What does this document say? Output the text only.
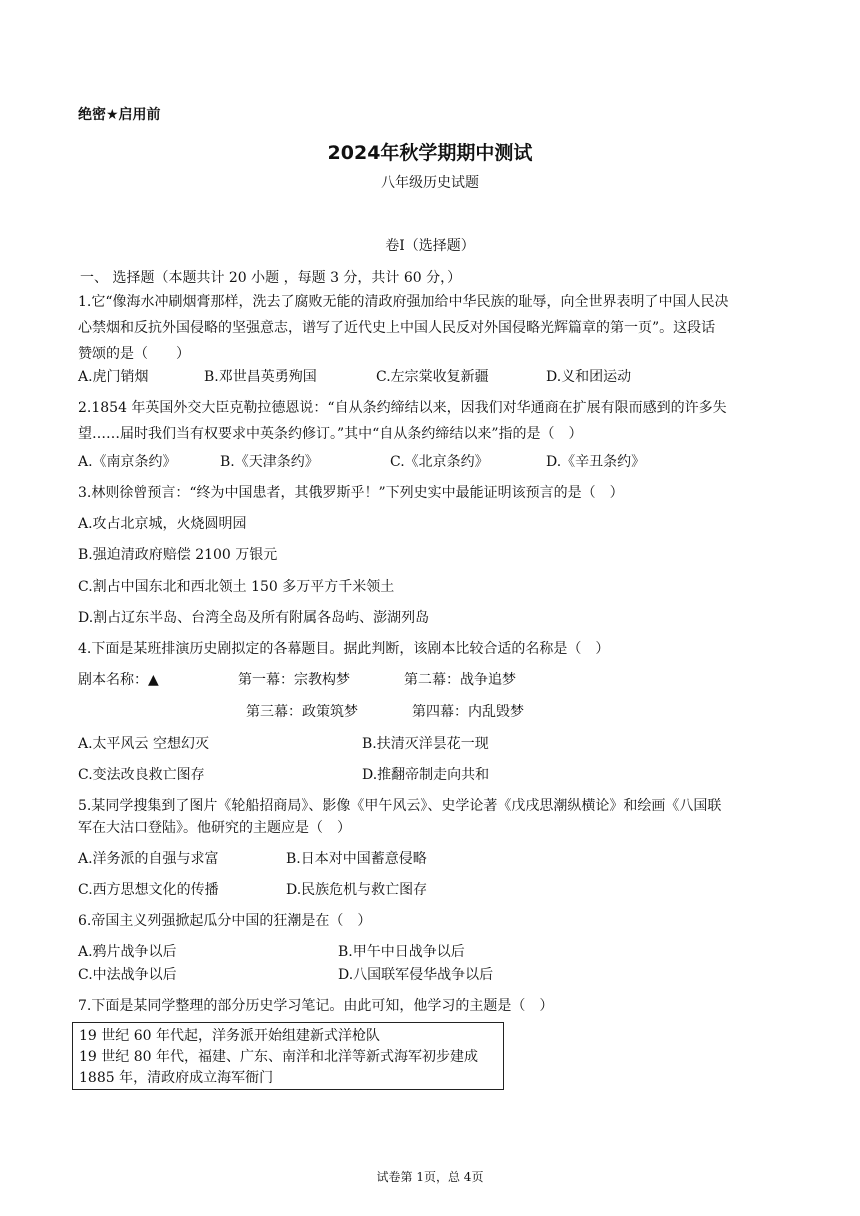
绝密★启用前
2024年秋学期期中测试
八年级历史试题
卷I（选择题）
一、 选择题（本题共计 20 小题 ，每题 3 分，共计 60 分，）
1.它“像海水冲刷烟膏那样，洗去了腐败无能的清政府强加给中华民族的耻辱，向全世界表明了中国人民决
心禁烟和反抗外国侵略的坚强意志，谱写了近代史上中国人民反对外国侵略光辉篇章的第一页”。这段话
赞颂的是（　　）
A.虎门销烟	B.邓世昌英勇殉国	C.左宗棠收复新疆	D.义和团运动
2.1854 年英国外交大臣克勒拉德恩说：“自从条约缔结以来，因我们对华通商在扩展有限而感到的许多失
望……届时我们当有权要求中英条约修订。”其中“自从条约缔结以来”指的是（　）
A.《南京条约》	B.《天津条约》	C.《北京条约》	D.《辛丑条约》
3.林则徐曾预言：“终为中国患者，其俄罗斯乎！”下列史实中最能证明该预言的是（　）
A.攻占北京城，火烧圆明园
B.强迫清政府赔偿 2100 万银元
C.割占中国东北和西北领土 150 多万平方千米领土
D.割占辽东半岛、台湾全岛及所有附属各岛屿、澎湖列岛
4.下面是某班排演历史剧拟定的各幕题目。据此判断，该剧本比较合适的名称是（　）
剧本名称：▲	第一幕：宗教构梦	第二幕：战争追梦
第三幕：政策筑梦	第四幕：内乱毁梦
A.太平风云 空想幻灭	B.扶清灭洋昙花一现
C.变法改良救亡图存	D.推翻帝制走向共和
5.某同学搜集到了图片《轮船招商局》、影像《甲午风云》、史学论著《戊戌思潮纵横论》和绘画《八国联
军在大沽口登陆》。他研究的主题应是（　）
A.洋务派的自强与求富	B.日本对中国蓄意侵略
C.西方思想文化的传播	D.民族危机与救亡图存
6.帝国主义列强掀起瓜分中国的狂潮是在（　）
A.鸦片战争以后	B.甲午中日战争以后
C.中法战争以后	D.八国联军侵华战争以后
7.下面是某同学整理的部分历史学习笔记。由此可知，他学习的主题是（　）
19 世纪 60 年代起，洋务派开始组建新式洋枪队
19 世纪 80 年代，福建、广东、南洋和北洋等新式海军初步建成
1885 年，清政府成立海军衙门
试卷第 1页，总 4页
